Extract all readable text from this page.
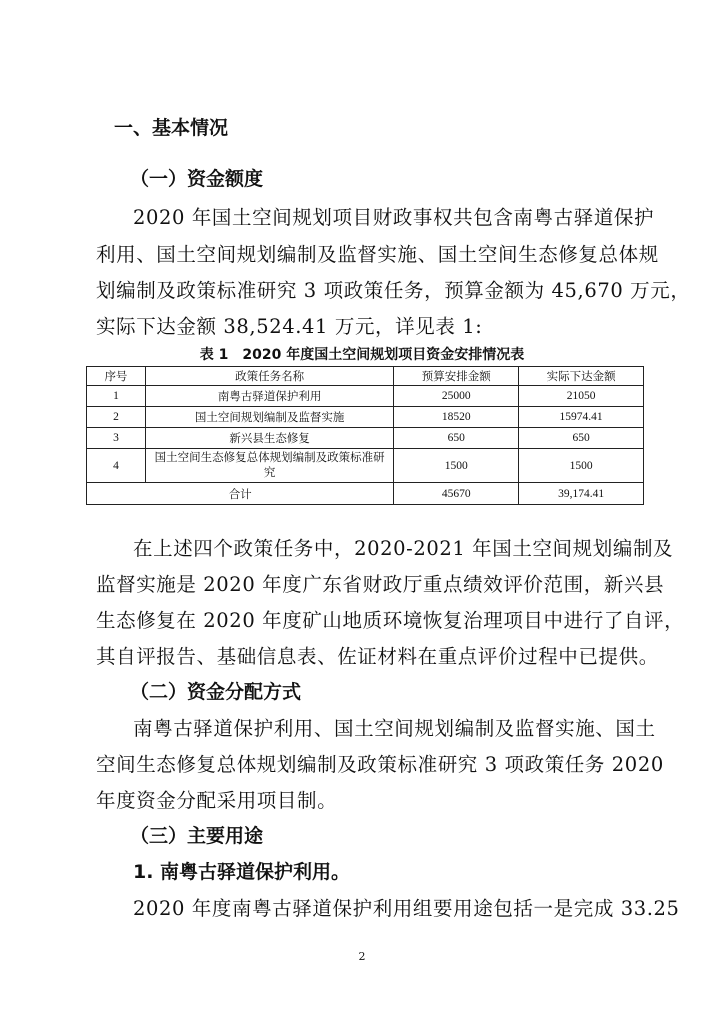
一、基本情况
（一）资金额度
2020 年国土空间规划项目财政事权共包含南粤古驿道保护
利用、国土空间规划编制及监督实施、国土空间生态修复总体规
划编制及政策标准研究 3 项政策任务，预算金额为 45,670 万元，
实际下达金额 38,524.41 万元，详见表 1:
表 1　2020 年度国土空间规划项目资金安排情况表
序号	政策任务名称	预算安排金额	实际下达金额
1	南粤古驿道保护利用	25000	21050
2	国土空间规划编制及监督实施	18520	15974.41
3	新兴县生态修复	650	650
4	国土空间生态修复总体规划编制及政策标准研究	1500	1500
合计		45670	39,174.41
在上述四个政策任务中，2020-2021 年国土空间规划编制及
监督实施是 2020 年度广东省财政厅重点绩效评价范围，新兴县
生态修复在 2020 年度矿山地质环境恢复治理项目中进行了自评，
其自评报告、基础信息表、佐证材料在重点评价过程中已提供。
（二）资金分配方式
南粤古驿道保护利用、国土空间规划编制及监督实施、国土
空间生态修复总体规划编制及政策标准研究 3 项政策任务 2020
年度资金分配采用项目制。
（三）主要用途
1. 南粤古驿道保护利用。
2020 年度南粤古驿道保护利用组要用途包括一是完成 33.25
2
